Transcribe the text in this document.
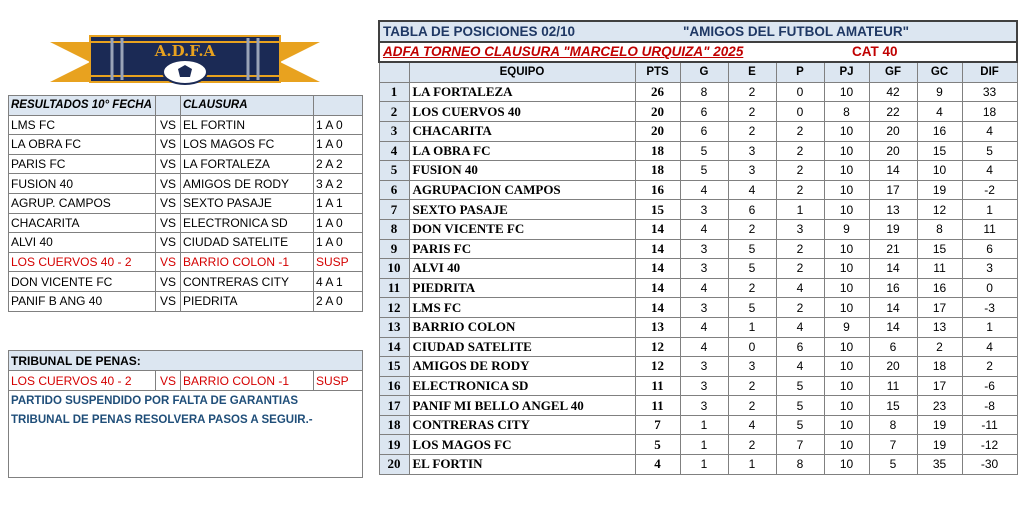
A.D.F.A
RESULTADOS 10° FECHA		CLAUSURA	
LMS FC	VS	EL FORTIN	1 A 0
LA OBRA FC	VS	LOS MAGOS FC	1 A 0
PARIS FC	VS	LA FORTALEZA	2 A 2
FUSION 40	VS	AMIGOS DE RODY	3 A 2
AGRUP. CAMPOS	VS	SEXTO PASAJE	1 A 1
CHACARITA	VS	ELECTRONICA SD	1 A 0
ALVI 40	VS	CIUDAD SATELITE	1 A 0
LOS CUERVOS 40 - 2	VS	BARRIO COLON -1	SUSP
DON VICENTE FC	VS	CONTRERAS CITY	4 A 1
PANIF B ANG 40	VS	PIEDRITA	2 A 0
TRIBUNAL DE PENAS:
LOS CUERVOS 40 - 2	VS	BARRIO COLON -1	SUSP
PARTIDO SUSPENDIDO POR FALTA DE GARANTIAS
TRIBUNAL DE PENAS RESOLVERA PASOS A SEGUIR.-

TABLA DE POSICIONES 02/10			"AMIGOS DEL FUTBOL AMATEUR"						
ADFA TORNEO CLAUSURA "MARCELO URQUIZA" 2025						CAT 40			
	EQUIPO	PTS	G	E	P	PJ	GF	GC	DIF
1	LA FORTALEZA	26	8	2	0	10	42	9	33
2	LOS CUERVOS 40	20	6	2	0	8	22	4	18
3	CHACARITA	20	6	2	2	10	20	16	4
4	LA OBRA FC	18	5	3	2	10	20	15	5
5	FUSION 40	18	5	3	2	10	14	10	4
6	AGRUPACION CAMPOS	16	4	4	2	10	17	19	-2
7	SEXTO PASAJE	15	3	6	1	10	13	12	1
8	DON VICENTE FC	14	4	2	3	9	19	8	11
9	PARIS FC	14	3	5	2	10	21	15	6
10	ALVI 40	14	3	5	2	10	14	11	3
11	PIEDRITA	14	4	2	4	10	16	16	0
12	LMS FC	14	3	5	2	10	14	17	-3
13	BARRIO COLON	13	4	1	4	9	14	13	1
14	CIUDAD SATELITE	12	4	0	6	10	6	2	4
15	AMIGOS DE RODY	12	3	3	4	10	20	18	2
16	ELECTRONICA SD	11	3	2	5	10	11	17	-6
17	PANIF MI BELLO ANGEL 40	11	3	2	5	10	15	23	-8
18	CONTRERAS CITY	7	1	4	5	10	8	19	-11
19	LOS MAGOS FC	5	1	2	7	10	7	19	-12
20	EL FORTIN	4	1	1	8	10	5	35	-30
